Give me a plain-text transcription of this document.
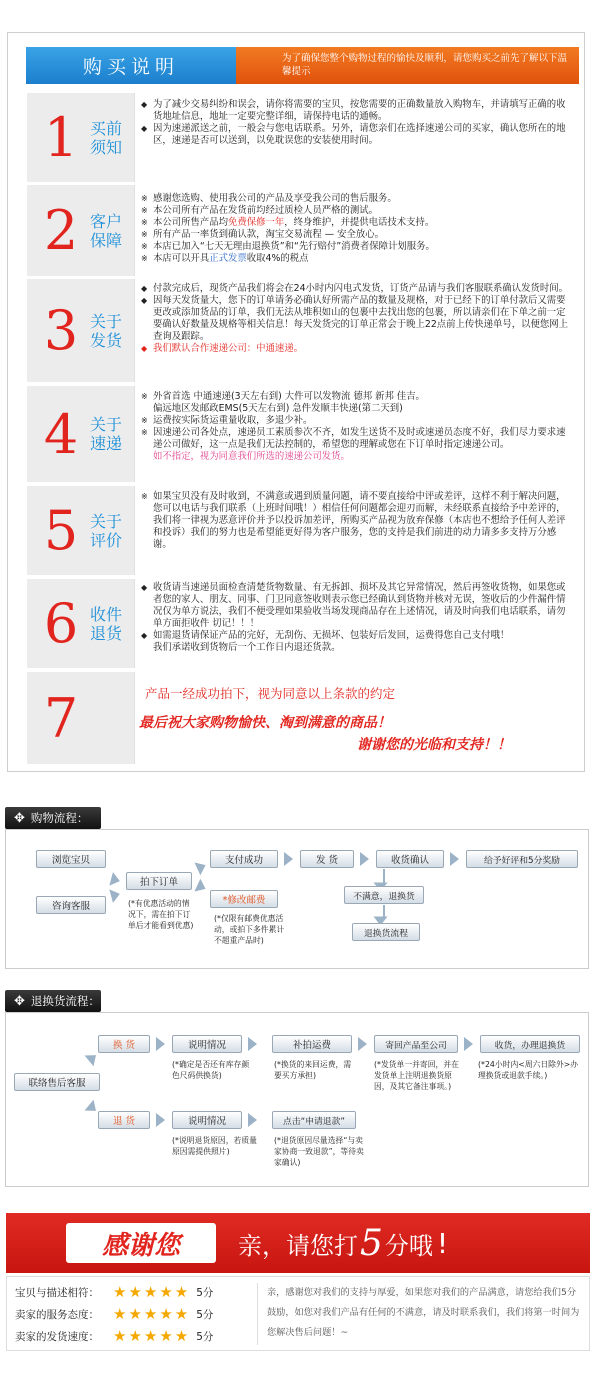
购买说明	为了确保您整个购物过程的愉快及顺利，请您购买之前先了解以下温馨提示
1 买前
须知
◆ 为了减少交易纠纷和误会，请你将需要的宝贝，按您需要的正确数量放入购物车，并请填写正确的收货地址信息，地址一定要完整详细，请保持电话的通畅。
◆ 因为速递派送之前，一般会与您电话联系。另外，请您亲们在选择速递公司的买家，确认您所在的地区，速递是否可以送到，以免耽误您的安装使用时间。
2 客户
保障
※ 感谢您选购、使用我公司的产品及享受我公司的售后服务。
※ 本公司所有产品在发货前均经过质检人员严格的测试。
※ 本公司所售产品均免费保修一年，终身维护，并提供电话技术支持。
※ 所有产品一率货到确认款，淘宝交易流程 — 安全放心。
※ 本店已加入“七天无理由退换货”和“先行赔付”消费者保障计划服务。
※ 本店可以开具正式发票收取4%的税点
3 关于
发货
◆ 付款完成后，现货产品我们将会在24小时内闪电式发货，订货产品请与我们客服联系确认发货时间。
◆ 因每天发货量大，您下的订单请务必确认好所需产品的数量及规格，对于已经下的订单付款后又需要更改或添加货品的订单，我们无法从堆积如山的包裹中去找出您的包裹，所以请亲们在下单之前一定要确认好数量及规格等相关信息！每天发货完的订单正常会于晚上22点前上传快递单号，以便您网上查询及跟踪。
◆ 我们默认合作速递公司：中通速递。
4 关于
速递
※ 外省首选 中通速递(3天左右到) 大件可以发物流 德邦 新邦 佳吉。
偏远地区发邮政EMS(5天左右到) 急件发顺丰快递(第二天到)
※ 运费按实际货运重量收取，多退少补。
※ 因速递公司各处点，速递员工素质参次不齐，如发生送货不及时或速递员态度不好，我们尽力要求速递公司做好，这一点是我们无法控制的，希望您的理解或您在下订单时指定速递公司。
如不指定，视为同意我们所选的速递公司发货。
5 关于
评价
※ 如果宝贝没有及时收到，不满意或遇到质量问题，请不要直接给中评或差评，这样不利于解决问题，您可以电话与我们联系（上班时间哦！）相信任何问题都会迎刃而解，未经联系直接给予中差评的，我们将一律视为恶意评价并予以投诉加差评，所购买产品视为放弃保修（本店也不想给予任何人差评和投诉）我们的努力也是希望能更好得为客户服务，您的支持是我们前进的动力请多多支持万分感谢。
6 收件
退货
◆ 收货请当速递员面检查清楚货物数量、有无拆卸、损坏及其它异常情况，然后再签收货物，如果您或者您的家人、朋友、同事、门卫同意签收则表示您已经确认到货物并核对无误，签收后的少件漏件情况仅为单方说法，我们不便受理如果验收当场发现商品存在上述情况，请及时向我们电话联系，请勿单方面拒收件 切记！！！
◆ 如需退货请保证产品的完好，无刮伤、无损坏、包装好后发回，运费得您自己支付哦！
我们承诺收到货物后一个工作日内退还货款。
7	产品一经成功拍下，视为同意以上条款的约定
最后祝大家购物愉快、淘到满意的商品！
谢谢您的光临和支持！！
✥ 购物流程：
浏览宝贝
咨询客服
拍下订单
支付成功
*修改邮费
发 货	收货确认	给予好评和5分奖励
不满意，退换货
退换货流程
(*有优惠活动的情况下，需在拍下订单后才能看到优惠)
(*仅限有邮费优惠活动，或拍下多件累计不超重产品时)
✥ 退换货流程：
联络售后客服
换 货
退 货
说明情况	补拍运费	寄回产品至公司	收货，办理退换货
(*确定是否还有库存颜色尺码供换货)
(*换货的来回运费，需要买方承担)
(*发货单一并寄回，并在发货单上注明退换货原因，及其它备注事项。)
(*24小时内<周六日除外>办理换货或退款手续。)
说明情况	点击“申请退款”
(*说明退货原因，若质量原因需提供照片)
(*退货原因尽量选择“与卖家协商一致退款”，等待卖家确认)
感谢您 亲，请您打 5 分哦 !
宝贝与描述相符： ★★★★★ 5分
卖家的服务态度： ★★★★★ 5分
卖家的发货速度： ★★★★★ 5分
亲，感谢您对我们的支持与厚爱，如果您对我们的产品满意，请您给我们5分鼓励，如您对我们产品有任何的不满意，请及时联系我们，我们将第一时间为您解决售后问题！~
